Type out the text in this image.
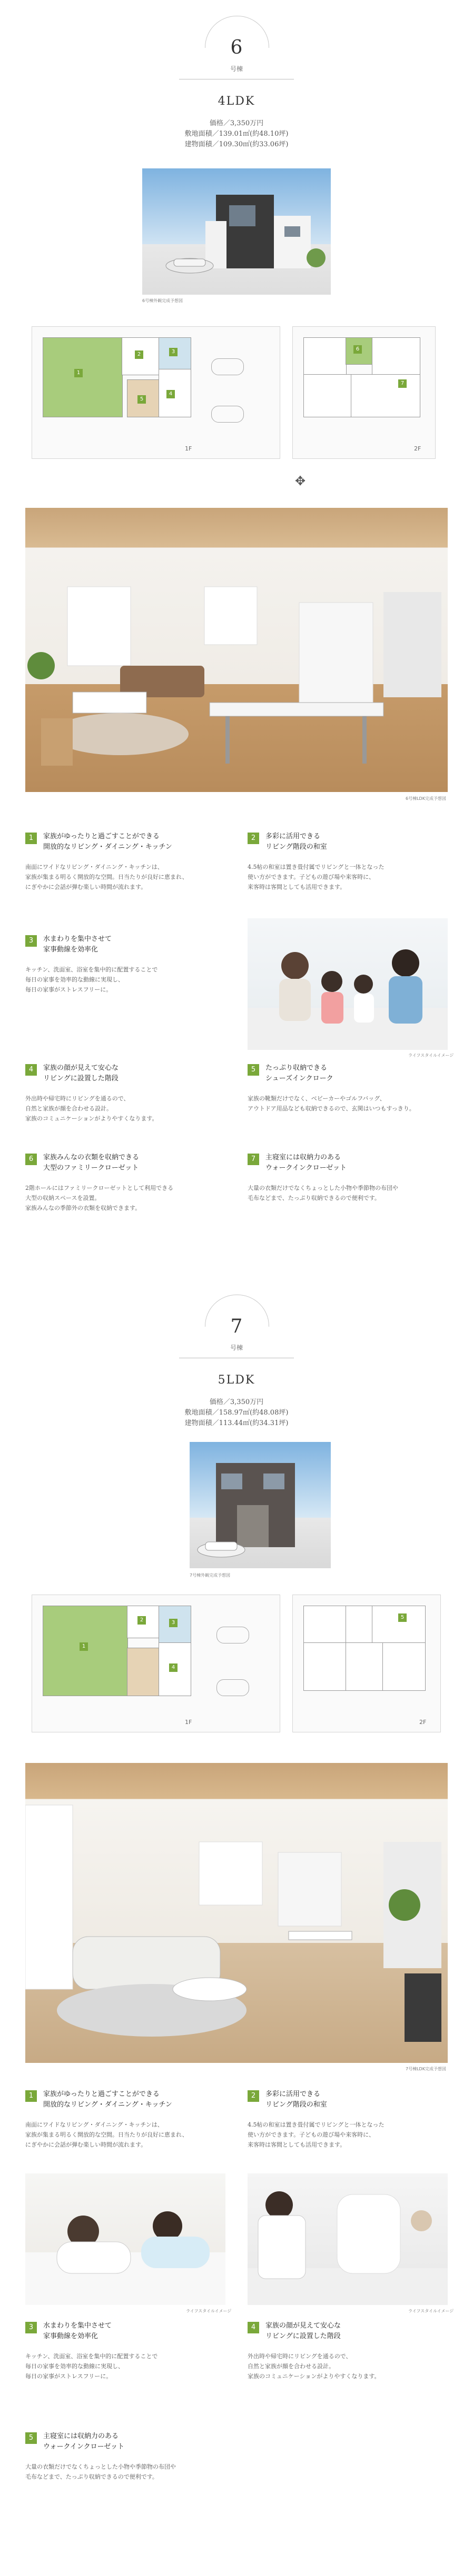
6
号棟
4LDK
価格／3,350万円
敷地面積／139.01㎡(約48.10坪)
建物面積／109.30㎡(約33.06坪)
6号棟外観完成予想図
1
2	3
4
5
1F
6
7
2F
✥
6号棟LDK完成予想図
1	家族がゆったりと過ごすことができる
開放的なリビング・ダイニング・キッチン
南面にワイドなリビング・ダイニング・キッチンは、
家族が集まる明るく開放的な空間。日当たりが良好に恵まれ、
にぎやかに会話が弾む楽しい時間が流れます。
2	多彩に活用できる
リビング階段の和室
4.5帖の和室は置き畳付属でリビングと一体となった
使い方ができます。子どもの遊び場や来客時に、
来客時は客間としても活用できます。
3	水まわりを集中させて
家事動線を効率化
キッチン、洗面室、浴室を集中的に配置することで
毎日の家事を効率的な動線に実現し、
毎日の家事がストレスフリーに。
ライフスタイルイメージ
4	家族の顔が見えて安心な
リビングに設置した階段
外出時や帰宅時にリビングを通るので、
自然と家族が顔を合わせる設計。
家族のコミュニケーションがよりやすくなります。
5	たっぷり収納できる
シューズインクローク
家族の靴類だけでなく、ベビーカーやゴルフバッグ、
アウトドア用品なども収納できるので、玄関はいつもすっきり。
6	家族みんなの衣類を収納できる
大型のファミリークローゼット
2階ホールにはファミリークローゼットとして利用できる
大型の収納スペースを設置。
家族みんなの季節外の衣類を収納できます。
7	主寝室には収納力のある
ウォークインクローゼット
大量の衣類だけでなくちょっとした小物や季節物の布団や
毛布などまで、たっぷり収納できるので便利です。
7
号棟
5LDK
価格／3,350万円
敷地面積／158.97㎡(約48.08坪)
建物面積／113.44㎡(約34.31坪)
7号棟外観完成予想図
1
2	3
4
1F
5
2F
7号棟LDK完成予想図
1	家族がゆったりと過ごすことができる
開放的なリビング・ダイニング・キッチン
南面にワイドなリビング・ダイニング・キッチンは、
家族が集まる明るく開放的な空間。日当たりが良好に恵まれ、
にぎやかに会話が弾む楽しい時間が流れます。
2	多彩に活用できる
リビング階段の和室
4.5帖の和室は置き畳付属でリビングと一体となった
使い方ができます。子どもの遊び場や来客時に、
来客時は客間としても活用できます。
ライフスタイルイメージ	ライフスタイルイメージ
3	水まわりを集中させて
家事動線を効率化
キッチン、洗面室、浴室を集中的に配置することで
毎日の家事を効率的な動線に実現し、
毎日の家事がストレスフリーに。
4	家族の顔が見えて安心な
リビングに設置した階段
外出時や帰宅時にリビングを通るので、
自然と家族が顔を合わせる設計。
家族のコミュニケーションがよりやすくなります。
5	主寝室には収納力のある
ウォークインクローゼット
大量の衣類だけでなくちょっとした小物や季節物の布団や
毛布などまで、たっぷり収納できるので便利です。
